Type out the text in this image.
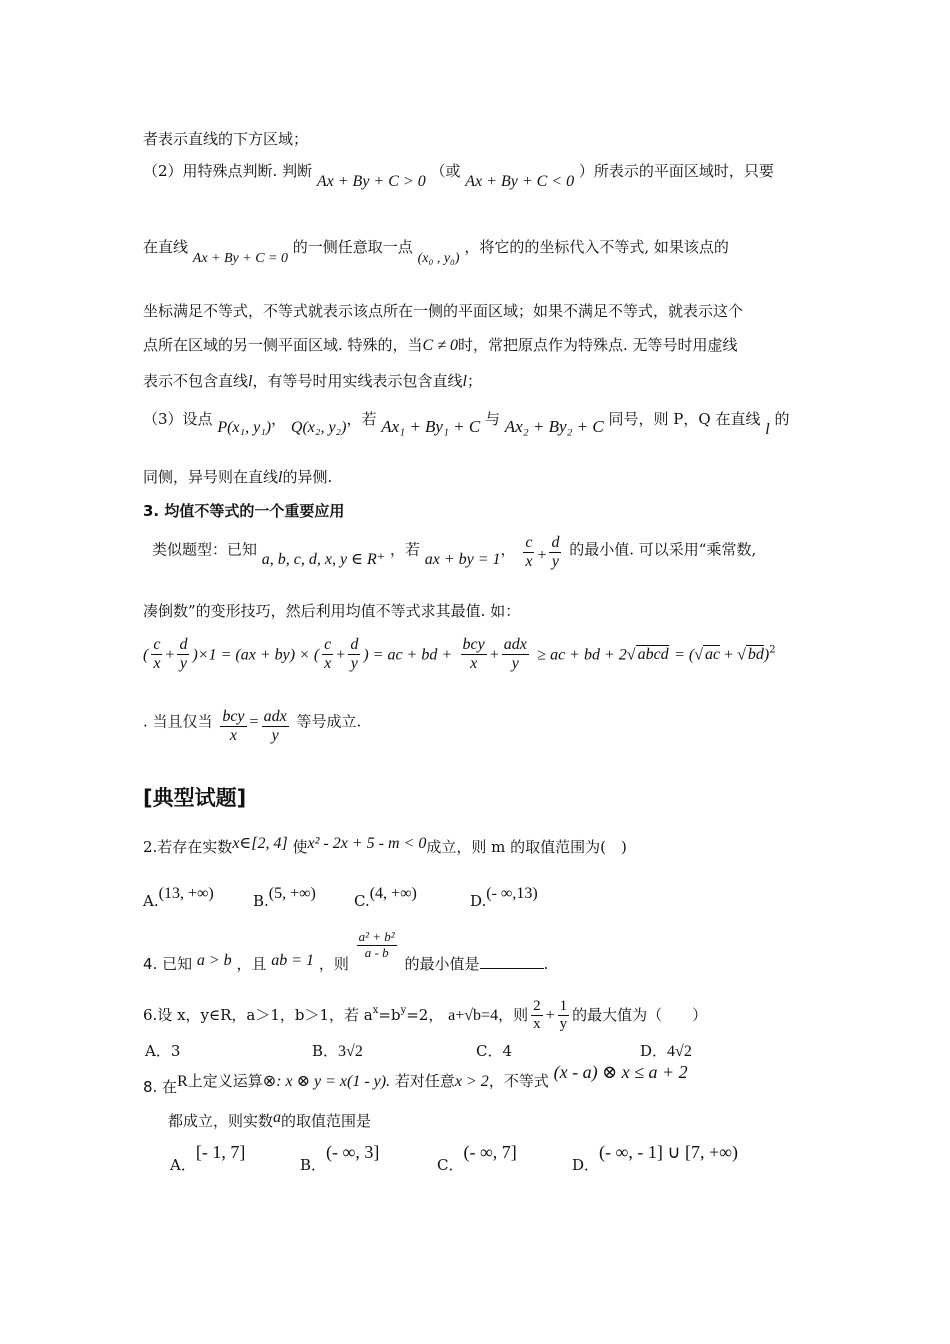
者表示直线的下方区域；
（2）用特殊点判断. 判断 Ax + By + C > 0 （或 Ax + By + C < 0 ）所表示的平面区域时，只要
在直线 Ax + By + C = 0 的一侧任意取一点 (x₀ , y₀) ，将它的的坐标代入不等式, 如果该点的
坐标满足不等式，不等式就表示该点所在一侧的平面区域；如果不满足不等式，就表示这个
点所在区域的另一侧平面区域. 特殊的，当C ≠ 0时，常把原点作为特殊点. 无等号时用虚线
表示不包含直线l，有等号时用实线表示包含直线l；
（3）设点 P(x₁, y₁)， Q(x₂, y₂)，若 Ax₁ + By₁ + C 与 Ax₂ + By₂ + C 同号，则 P，Q 在直线 l 的
同侧，异号则在直线l的异侧.
3. 均值不等式的一个重要应用
类似题型：已知 a, b, c, d, x, y ∈ R⁺ ，若 ax + by = 1， $\frac{c}{x} + \frac{d}{y}$ 的最小值. 可以采用“乘常数,
凑倒数”的变形技巧，然后利用均值不等式求其最值. 如：
( $\frac{c}{x} + \frac{d}{y} )\times 1 = (ax + by)$ × ( $\frac{c}{x} + \frac{d}{y}$ ) = ac + bd + $\frac{\text{bcy}}{x} + \frac{\text{adx}}{y}$ ≥ ac + bd + 2√ abcd = (√ ac + √ bd)$^2$
. 当且仅当 $\frac{\text{bcy}}{x} = \frac{\text{adx}}{y}$ 等号成立.
[典型试题]
2.若存在实数x∈[2, 4] 使x² - 2x + 5 - m < 0成立，则 m 的取值范围为(　)
A.(13, +∞)	B.(5, +∞)	C.(4, +∞)	D.(- ∞,13)
4. 已知 a > b ，且 ab = 1 ，则
$\frac{\text{a² + b²}}{a - b}$
的最小值是	.
6.设 x，y∈R，a＞1，b＞1，若 $a^x=b^y=2$， a+√b=4，则 $\frac{2}{x} + \frac{1}{y}$ 的最大值为（　　）
A．3	B．3√2	C．4	D．4√2
8. 在R上定义运算⊗: x ⊗ y = x(1 - y). 若对任意x > 2，不等式 (x - a) ⊗ x ≤ a + 2
都成立，则实数a的取值范围是
A．[- 1, 7]
B．(- ∞, 3]
C．(- ∞, 7]
D．(- ∞, - 1] ∪ [7, +∞)
